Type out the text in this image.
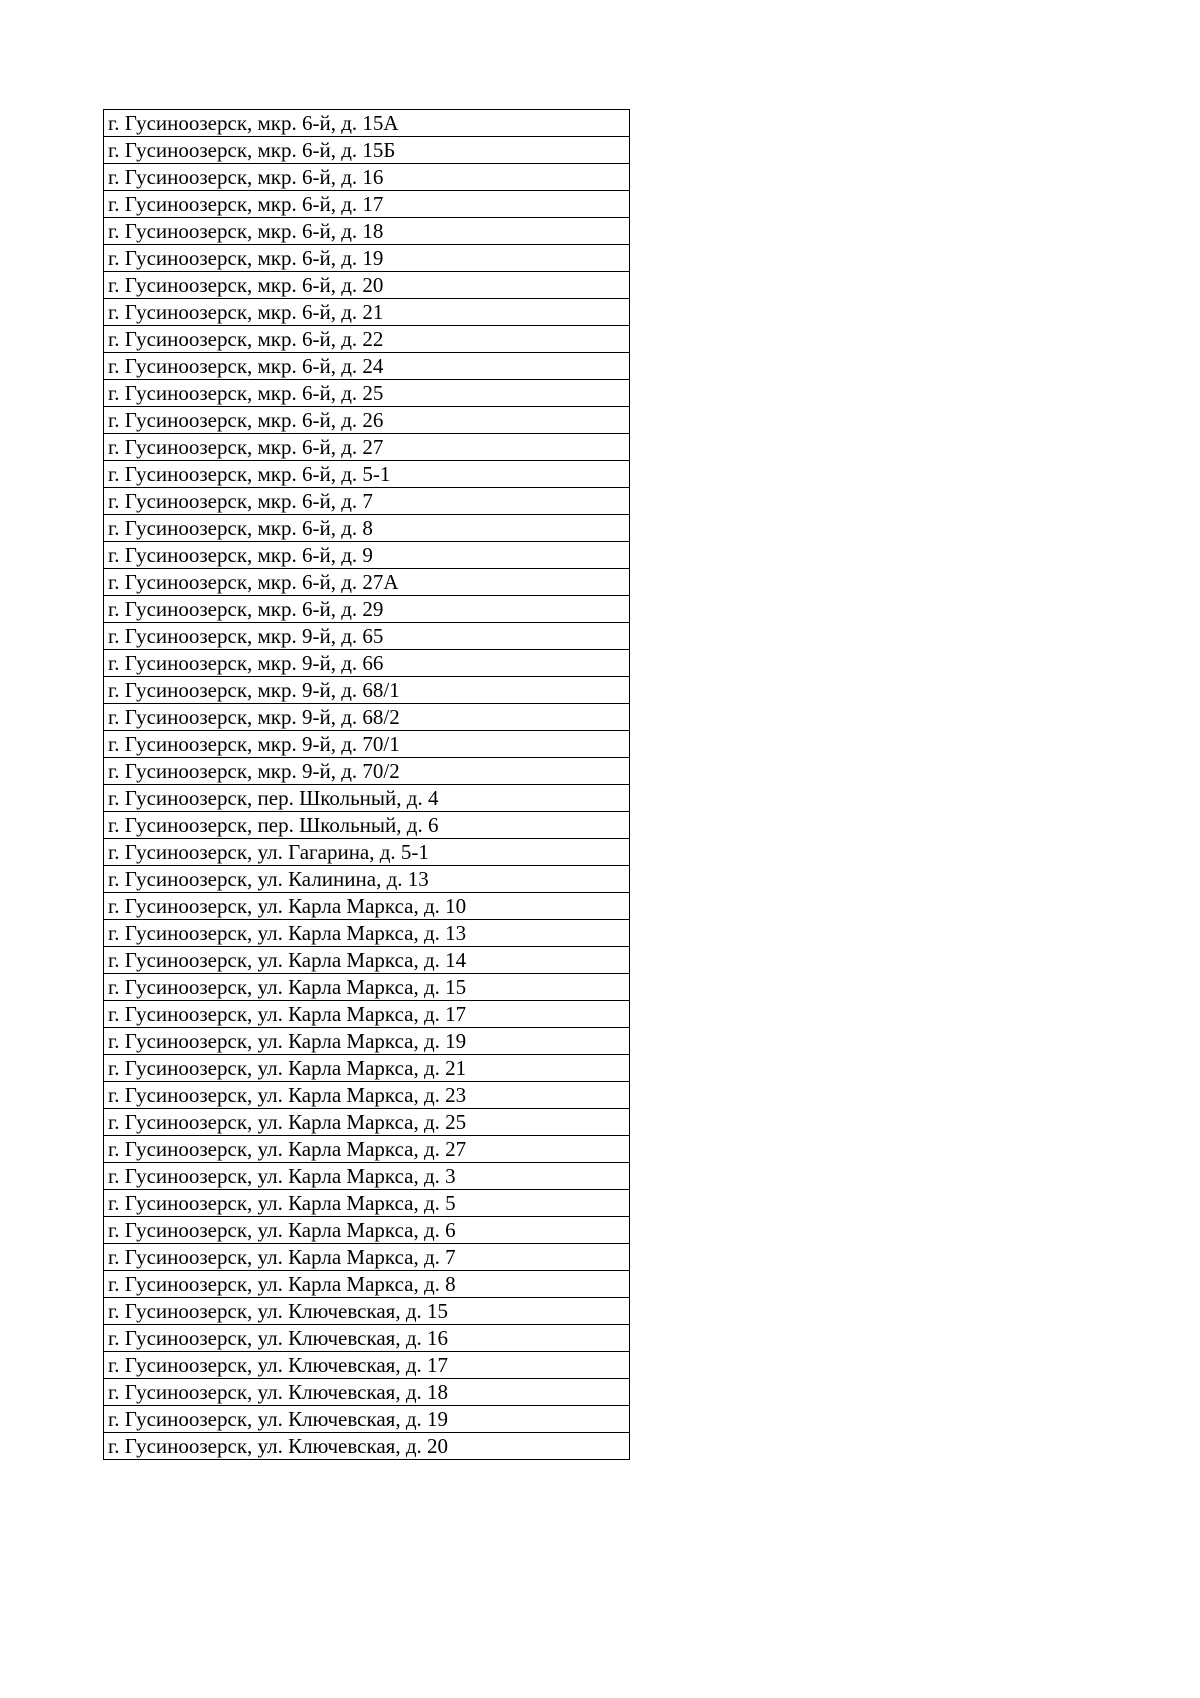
г. Гусиноозерск, мкр. 6-й, д. 15А
г. Гусиноозерск, мкр. 6-й, д. 15Б
г. Гусиноозерск, мкр. 6-й, д. 16
г. Гусиноозерск, мкр. 6-й, д. 17
г. Гусиноозерск, мкр. 6-й, д. 18
г. Гусиноозерск, мкр. 6-й, д. 19
г. Гусиноозерск, мкр. 6-й, д. 20
г. Гусиноозерск, мкр. 6-й, д. 21
г. Гусиноозерск, мкр. 6-й, д. 22
г. Гусиноозерск, мкр. 6-й, д. 24
г. Гусиноозерск, мкр. 6-й, д. 25
г. Гусиноозерск, мкр. 6-й, д. 26
г. Гусиноозерск, мкр. 6-й, д. 27
г. Гусиноозерск, мкр. 6-й, д. 5-1
г. Гусиноозерск, мкр. 6-й, д. 7
г. Гусиноозерск, мкр. 6-й, д. 8
г. Гусиноозерск, мкр. 6-й, д. 9
г. Гусиноозерск, мкр. 6-й, д. 27А
г. Гусиноозерск, мкр. 6-й, д. 29
г. Гусиноозерск, мкр. 9-й, д. 65
г. Гусиноозерск, мкр. 9-й, д. 66
г. Гусиноозерск, мкр. 9-й, д. 68/1
г. Гусиноозерск, мкр. 9-й, д. 68/2
г. Гусиноозерск, мкр. 9-й, д. 70/1
г. Гусиноозерск, мкр. 9-й, д. 70/2
г. Гусиноозерск, пер. Школьный, д. 4
г. Гусиноозерск, пер. Школьный, д. 6
г. Гусиноозерск, ул. Гагарина, д. 5-1
г. Гусиноозерск, ул. Калинина, д. 13
г. Гусиноозерск, ул. Карла Маркса, д. 10
г. Гусиноозерск, ул. Карла Маркса, д. 13
г. Гусиноозерск, ул. Карла Маркса, д. 14
г. Гусиноозерск, ул. Карла Маркса, д. 15
г. Гусиноозерск, ул. Карла Маркса, д. 17
г. Гусиноозерск, ул. Карла Маркса, д. 19
г. Гусиноозерск, ул. Карла Маркса, д. 21
г. Гусиноозерск, ул. Карла Маркса, д. 23
г. Гусиноозерск, ул. Карла Маркса, д. 25
г. Гусиноозерск, ул. Карла Маркса, д. 27
г. Гусиноозерск, ул. Карла Маркса, д. 3
г. Гусиноозерск, ул. Карла Маркса, д. 5
г. Гусиноозерск, ул. Карла Маркса, д. 6
г. Гусиноозерск, ул. Карла Маркса, д. 7
г. Гусиноозерск, ул. Карла Маркса, д. 8
г. Гусиноозерск, ул. Ключевская, д. 15
г. Гусиноозерск, ул. Ключевская, д. 16
г. Гусиноозерск, ул. Ключевская, д. 17
г. Гусиноозерск, ул. Ключевская, д. 18
г. Гусиноозерск, ул. Ключевская, д. 19
г. Гусиноозерск, ул. Ключевская, д. 20
